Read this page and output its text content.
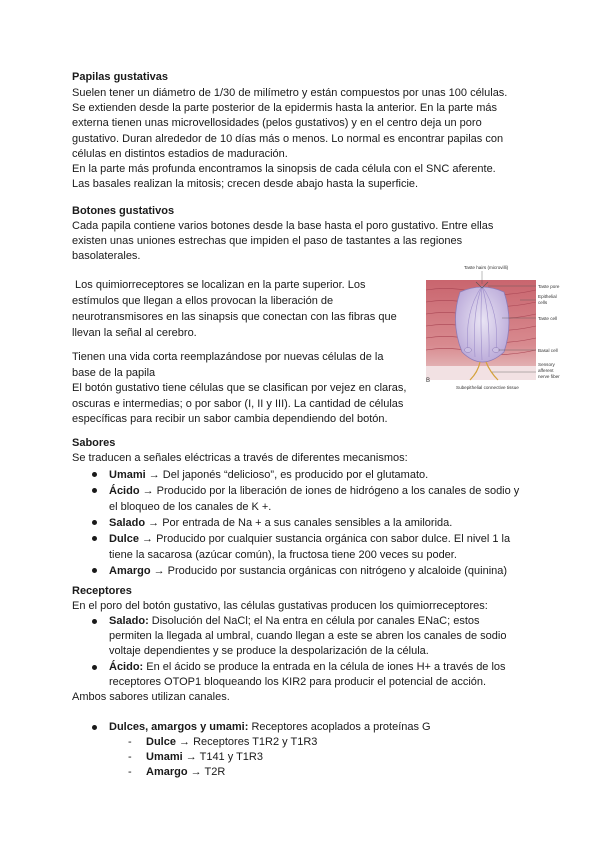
Papilas gustativas

Suelen tener un diámetro de 1/30 de milímetro y están compuestos por unas 100 células.

Se extienden desde la parte posterior de la epidermis hasta la anterior. En la parte más

externa tienen unas microvellosidades (pelos gustativos) y en el centro deja un poro

gustativo. Duran alrededor de 10 días más o menos. Lo normal es encontrar papilas con

células en distintos estadios de maduración.

En la parte más profunda encontramos la sinopsis de cada célula con el SNC aferente.

Las basales realizan la mitosis; crecen desde abajo hasta la superficie.

Botones gustativos

Cada papila contiene varios botones desde la base hasta el poro gustativo. Entre ellas

existen unas uniones estrechas que impiden el paso de tastantes a las regiones

basolaterales.

Los quimiorreceptores se localizan en la parte superior. Los

estímulos que llegan a ellos provocan la liberación de

neurotransmisores en las sinapsis que conectan con las fibras que

llevan la señal al cerebro.

Tienen una vida corta reemplazándose por nuevas células de la

base de la papila

El botón gustativo tiene células que se clasifican por vejez en claras,

oscuras e intermedias; o por sabor (I, II y III). La cantidad de células

específicas para recibir un sabor cambia dependiendo del botón.

Taste hairs (microvilli)
Taste pore
Epithelial
cells
Taste cell
Basal cell
Sensory
afferent
nerve fiber
B
Subepithelial connective tissue
Sabores

Se traducen a señales eléctricas a través de diferentes mecanismos:

Umami → Del japonés “delicioso”, es producido por el glutamato.
Ácido → Producido por la liberación de iones de hidrógeno a los canales de sodio y
el bloqueo de los canales de K +.
Salado → Por entrada de Na + a sus canales sensibles a la amilorida.
Dulce → Producido por cualquier sustancia orgánica con sabor dulce. El nivel 1 la
tiene la sacarosa (azúcar común), la fructosa tiene 200 veces su poder.
Amargo → Producido por sustancia orgánicas con nitrógeno y alcaloide (quinina)
Receptores

En el poro del botón gustativo, las células gustativas producen los quimiorreceptores:

Salado: Disolución del NaCl; el Na entra en célula por canales ENaC; estos
permiten la llegada al umbral, cuando llegan a este se abren los canales de sodio
voltaje dependientes y se produce la despolarización de la célula.
Ácido: En el ácido se produce la entrada en la célula de iones H+ a través de los
receptores OTOP1 bloqueando los KIR2 para producir el potencial de acción.

Ambos sabores utilizan canales.

Dulces, amargos y umami: Receptores acoplados a proteínas G
- Dulce → Receptores T1R2 y T1R3
- Umami → T141 y T1R3
- Amargo → T2R
